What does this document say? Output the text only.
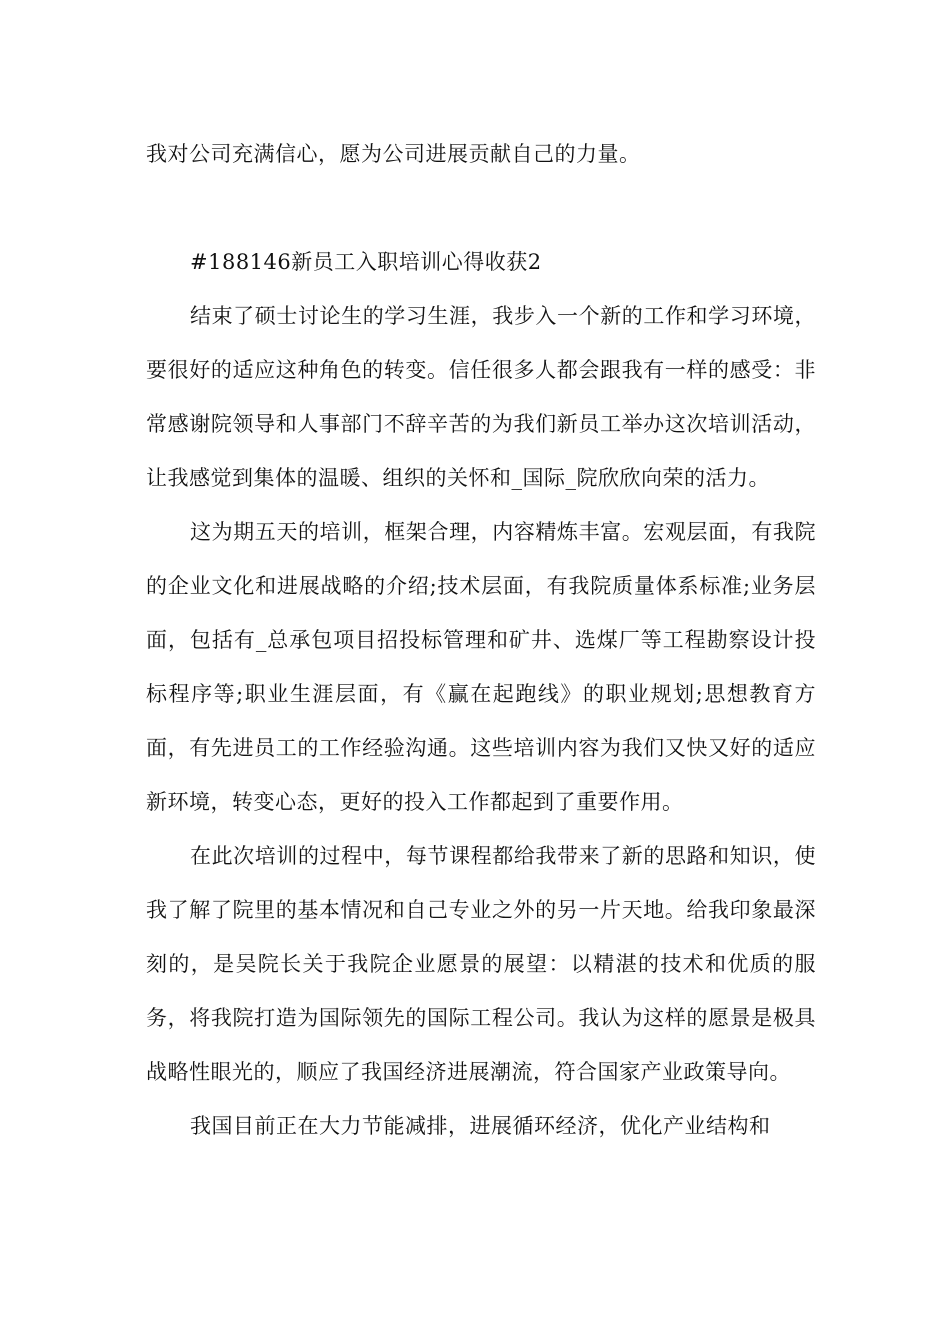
我对公司充满信心，愿为公司进展贡献自己的力量。

#188146新员工入职培训心得收获2

结束了硕士讨论生的学习生涯，我步入一个新的工作和学习环境，要很好的适应这种角色的转变。信任很多人都会跟我有一样的感受：非常感谢院领导和人事部门不辞辛苦的为我们新员工举办这次培训活动，让我感觉到集体的温暖、组织的关怀和_国际_院欣欣向荣的活力。

这为期五天的培训，框架合理，内容精炼丰富。宏观层面，有我院的企业文化和进展战略的介绍;技术层面，有我院质量体系标准;业务层面，包括有_总承包项目招投标管理和矿井、选煤厂等工程勘察设计投标程序等;职业生涯层面，有《赢在起跑线》的职业规划;思想教育方面，有先进员工的工作经验沟通。这些培训内容为我们又快又好的适应新环境，转变心态，更好的投入工作都起到了重要作用。

在此次培训的过程中，每节课程都给我带来了新的思路和知识，使我了解了院里的基本情况和自己专业之外的另一片天地。给我印象最深刻的，是吴院长关于我院企业愿景的展望：以精湛的技术和优质的服务，将我院打造为国际领先的国际工程公司。我认为这样的愿景是极具战略性眼光的，顺应了我国经济进展潮流，符合国家产业政策导向。

我国目前正在大力节能减排，进展循环经济，优化产业结构和
